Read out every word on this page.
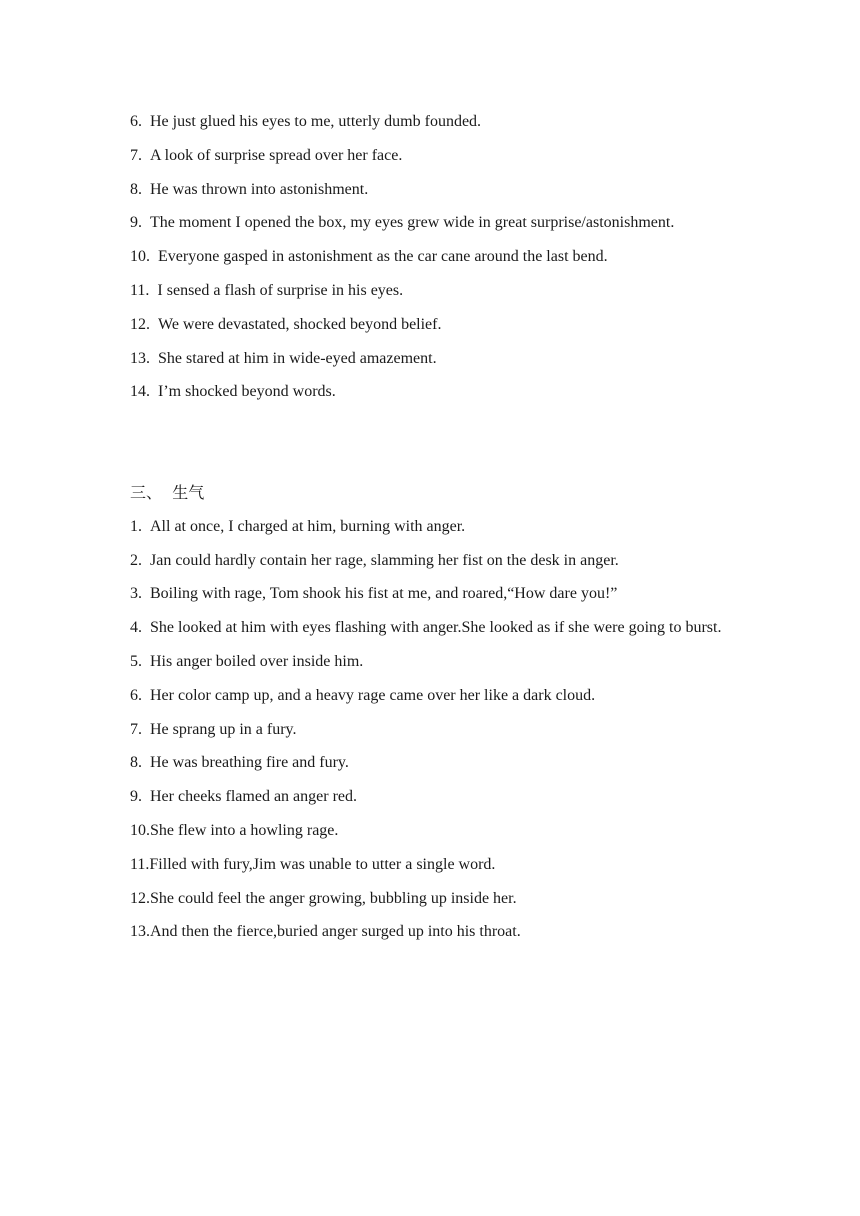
6. He just glued his eyes to me, utterly dumb founded.
7. A look of surprise spread over her face.
8. He was thrown into astonishment.
9. The moment I opened the box, my eyes grew wide in great surprise/astonishment.
10. Everyone gasped in astonishment as the car cane around the last bend.
11. I sensed a flash of surprise in his eyes.
12. We were devastated, shocked beyond belief.
13. She stared at him in wide-eyed amazement.
14. I’m shocked beyond words.
三、 生气
1. All at once, I charged at him, burning with anger.
2. Jan could hardly contain her rage, slamming her fist on the desk in anger.
3. Boiling with rage, Tom shook his fist at me, and roared,“How dare you!”
4.  She looked at him with eyes flashing with anger.She looked as if she were going to burst.
5. His anger boiled over inside him.
6. Her color camp up, and a heavy rage came over her like a dark cloud.
7. He sprang up in a fury.
8. He was breathing fire and fury.
9. Her cheeks flamed an anger red.
10. She flew into a howling rage.
11. Filled with fury,Jim was unable to utter a single word.
12. She could feel the anger growing, bubbling up inside her.
13. And then the fierce,buried anger surged up into his throat.
